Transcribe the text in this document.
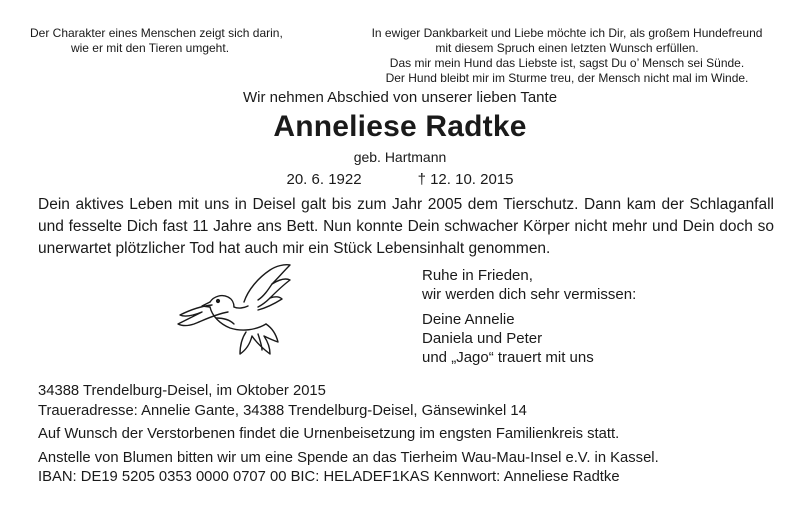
Der Charakter eines Menschen zeigt sich darin,
wie er mit den Tieren umgeht.
In ewiger Dankbarkeit und Liebe möchte ich Dir, als großem Hundefreund
mit diesem Spruch einen letzten Wunsch erfüllen.
Das mir mein Hund das Liebste ist, sagst Du o’ Mensch sei Sünde.
Der Hund bleibt mir im Sturme treu, der Mensch nicht mal im Winde.
Wir nehmen Abschied von unserer lieben Tante
Anneliese Radtke
geb. Hartmann
20. 6. 1922	† 12. 10. 2015
Dein aktives Leben mit uns in Deisel galt bis zum Jahr 2005 dem Tierschutz. Dann kam der Schlaganfall und fesselte Dich fast 11 Jahre ans Bett. Nun konnte Dein schwacher Körper nicht mehr und Dein doch so unerwartet plötzlicher Tod hat auch mir ein Stück Lebensinhalt genommen.
Ruhe in Frieden,
wir werden dich sehr vermissen:
Deine Annelie
Daniela und Peter
und „Jago“ trauert mit uns
34388 Trendelburg-Deisel, im Oktober 2015
Traueradresse: Annelie Gante, 34388 Trendelburg-Deisel, Gänsewinkel 14
Auf Wunsch der Verstorbenen findet die Urnenbeisetzung im engsten Familienkreis statt.
Anstelle von Blumen bitten wir um eine Spende an das Tierheim Wau-Mau-Insel e.V. in Kassel.
IBAN: DE19 5205 0353 0000 0707 00 BIC: HELADEF1KAS Kennwort: Anneliese Radtke
